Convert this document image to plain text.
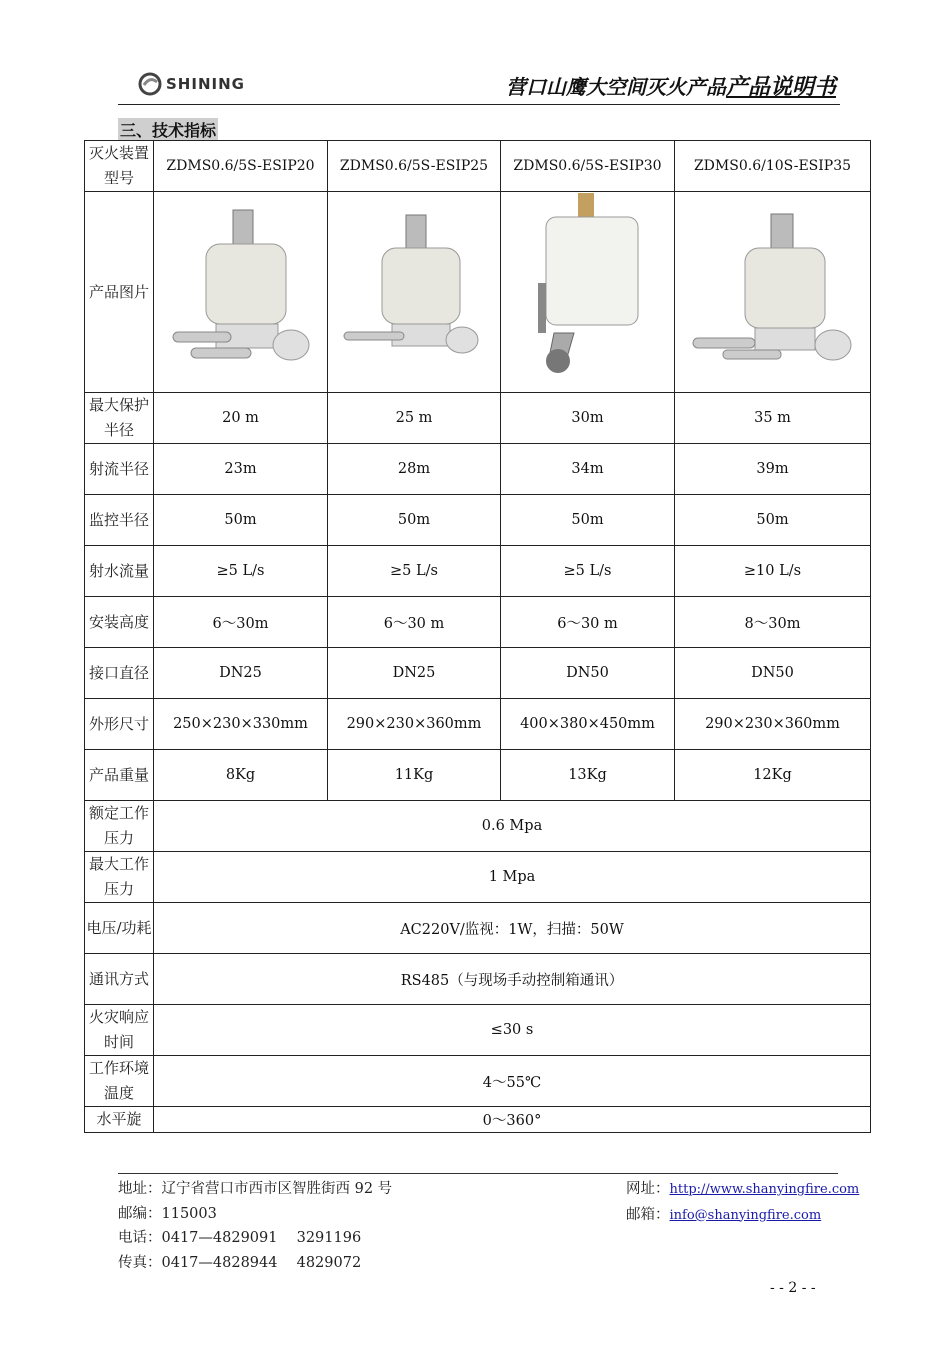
SHINING	营口山鹰大空间灭火产品产品说明书
三、技术指标
灭火装置型号	ZDMS0.6/5S-ESIP20	ZDMS0.6/5S-ESIP25	ZDMS0.6/5S-ESIP30	ZDMS0.6/10S-ESIP35
产品图片				
最大保护半径	20 m	25 m	30m	35 m
射流半径	23m	28m	34m	39m
监控半径	50m	50m	50m	50m
射水流量	≥5 L/s	≥5 L/s	≥5 L/s	≥10 L/s
安装高度	6～30m	6～30 m	6～30 m	8～30m
接口直径	DN25	DN25	DN50	DN50
外形尺寸	250×230×330mm	290×230×360mm	400×380×450mm	290×230×360mm
产品重量	8Kg	11Kg	13Kg	12Kg
额定工作压力	0.6 Mpa			
最大工作压力	1 Mpa			
电压/功耗	AC220V/监视：1W，扫描：50W			
通讯方式	RS485（与现场手动控制箱通讯）			
火灾响应时间	≤30 s			
工作环境温度	4～55℃			
水平旋	0～360°			
地址：辽宁省营口市西市区智胜街西 92 号
邮编：115003
电话：0417—4829091　 3291196
传真：0417—4828944　 4829072
网址：http://www.shanyingfire.com
邮箱：info@shanyingfire.com
- - 2 - -
